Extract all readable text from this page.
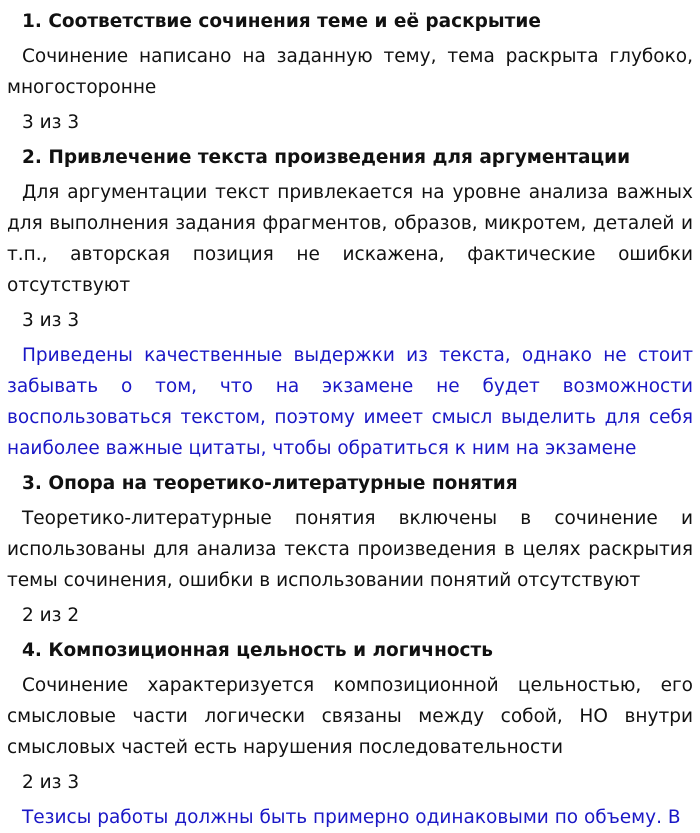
1. Соответствие сочинения теме и её раскрытие

Сочинение написано на заданную тему, тема раскрыта глубоко, многосторонне

3 из 3

2. Привлечение текста произведения для аргументации

Для аргументации текст привлекается на уровне анализа важных для выполнения задания фрагментов, образов, микротем, деталей и т.п., авторская позиция не искажена, фактические ошибки отсутствуют

3 из 3

Приведены качественные выдержки из текста, однако не стоит забывать о том, что на экзамене не будет возможности воспользоваться текстом, поэтому имеет смысл выделить для себя наиболее важные цитаты, чтобы обратиться к ним на экзамене

3. Опора на теоретико-литературные понятия

Теоретико-литературные понятия включены в сочинение и использованы для анализа текста произведения в целях раскрытия темы сочинения, ошибки в использовании понятий отсутствуют

2 из 2

4. Композиционная цельность и логичность

Сочинение характеризуется композиционной цельностью, его смысловые части логически связаны между собой, НО внутри смысловых частей есть нарушения последовательности

2 из 3

Тезисы работы должны быть примерно одинаковыми по объему. В
